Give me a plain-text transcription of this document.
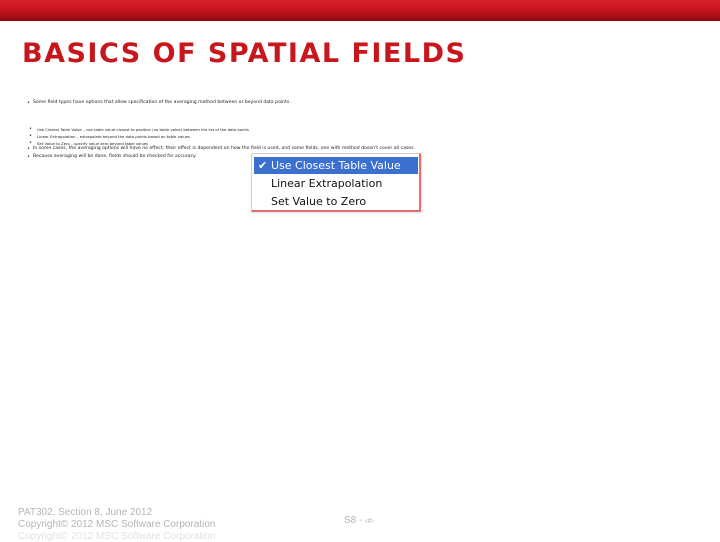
BASICS OF SPATIAL FIELDS
• Some field types have options that allow specification of the averaging method between or beyond data points.
• Use Closest Table Value – use table value closest to position (no table value) between the list of the data points
• Linear Extrapolation – extrapolate beyond the data points based on table values
• Set Value to Zero – specify value zero beyond table values
• In some cases, the averaging options will have no effect; their effect is dependent on how the field is used, and some fields, one with method doesn't cover all cases.
• Because averaging will be done, fields should be checked for accuracy.
✔ Use Closest Table Value
Linear Extrapolation
Set Value to Zero
PAT302, Section 8, June 2012
Copyright© 2012 MSC Software Corporation
Copyright© 2012 MSC Software Corporation
S8 - ‹#›
